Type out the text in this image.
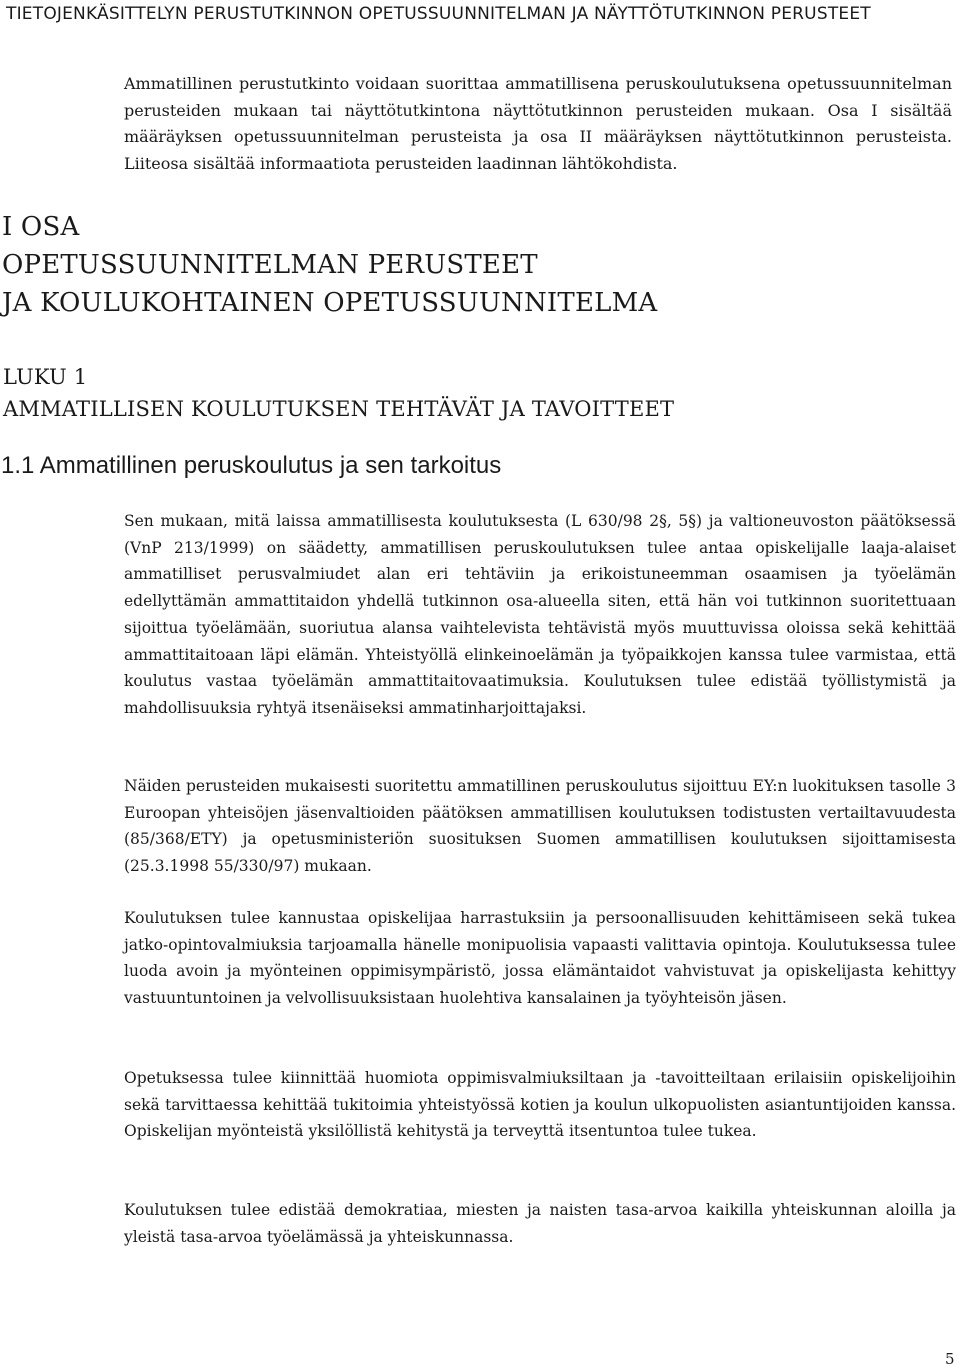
TIETOJENKÄSITTELYN PERUSTUTKINNON OPETUSSUUNNITELMAN JA NÄYTTÖTUTKINNON PERUSTEET

Ammatillinen perustutkinto voidaan suorittaa ammatillisena peruskoulutuksena opetussuunnitelman perusteiden mukaan tai näyttötutkintona näyttötutkinnon perusteiden mukaan. Osa I sisältää määräyksen opetussuunnitelman perusteista ja osa II määräyksen näyttötutkinnon perusteista. Liiteosa sisältää informaatiota perusteiden laadinnan lähtökohdista.

I OSA
OPETUSSUUNNITELMAN PERUSTEET
JA KOULUKOHTAINEN OPETUSSUUNNITELMA
LUKU 1
AMMATILLISEN KOULUTUKSEN TEHTÄVÄT JA TAVOITTEET
1.1 Ammatillinen peruskoulutus ja sen tarkoitus

Sen mukaan, mitä laissa ammatillisesta koulutuksesta (L 630/98 2§, 5§) ja valtioneuvoston päätöksessä (VnP 213/1999) on säädetty, ammatillisen peruskoulutuksen tulee antaa opiskelijalle laaja-alaiset ammatilliset perusvalmiudet alan eri tehtäviin ja erikoistuneemman osaamisen ja työelämän edellyttämän ammattitaidon yhdellä tutkinnon osa-alueella siten, että hän voi tutkinnon suoritettuaan sijoittua työelämään, suoriutua alansa vaihtelevista tehtävistä myös muuttuvissa oloissa sekä kehittää ammattitaitoaan läpi elämän. Yhteistyöllä elinkeinoelämän ja työpaikkojen kanssa tulee varmistaa, että koulutus vastaa työelämän ammattitaitovaatimuksia. Koulutuksen tulee edistää työllistymistä ja mahdollisuuksia ryhtyä itsenäiseksi ammatinharjoittajaksi.

Näiden perusteiden mukaisesti suoritettu ammatillinen peruskoulutus sijoittuu EY:n luokituksen tasolle 3 Euroopan yhteisöjen jäsenvaltioiden päätöksen ammatillisen koulutuksen todistusten vertailtavuudesta (85/368/ETY) ja opetusministeriön suosituksen Suomen ammatillisen koulutuksen sijoittamisesta (25.3.1998 55/330/97) mukaan.

Koulutuksen tulee kannustaa opiskelijaa harrastuksiin ja persoonallisuuden kehittämiseen sekä tukea jatko-opintovalmiuksia tarjoamalla hänelle monipuolisia vapaasti valittavia opintoja. Koulutuksessa tulee luoda avoin ja myönteinen oppimisympäristö, jossa elämäntaidot vahvistuvat ja opiskelijasta kehittyy vastuuntuntoinen ja velvollisuuksistaan huolehtiva kansalainen ja työyhteisön jäsen.

Opetuksessa tulee kiinnittää huomiota oppimisvalmiuksiltaan ja -tavoitteiltaan erilaisiin opiskelijoihin sekä tarvittaessa kehittää tukitoimia yhteistyössä kotien ja koulun ulkopuolisten asiantuntijoiden kanssa. Opiskelijan myönteistä yksilöllistä kehitystä ja terveyttä itsentuntoa tulee tukea.

Koulutuksen tulee edistää demokratiaa, miesten ja naisten tasa-arvoa kaikilla yhteiskunnan aloilla ja yleistä tasa-arvoa työelämässä ja yhteiskunnassa.

5
